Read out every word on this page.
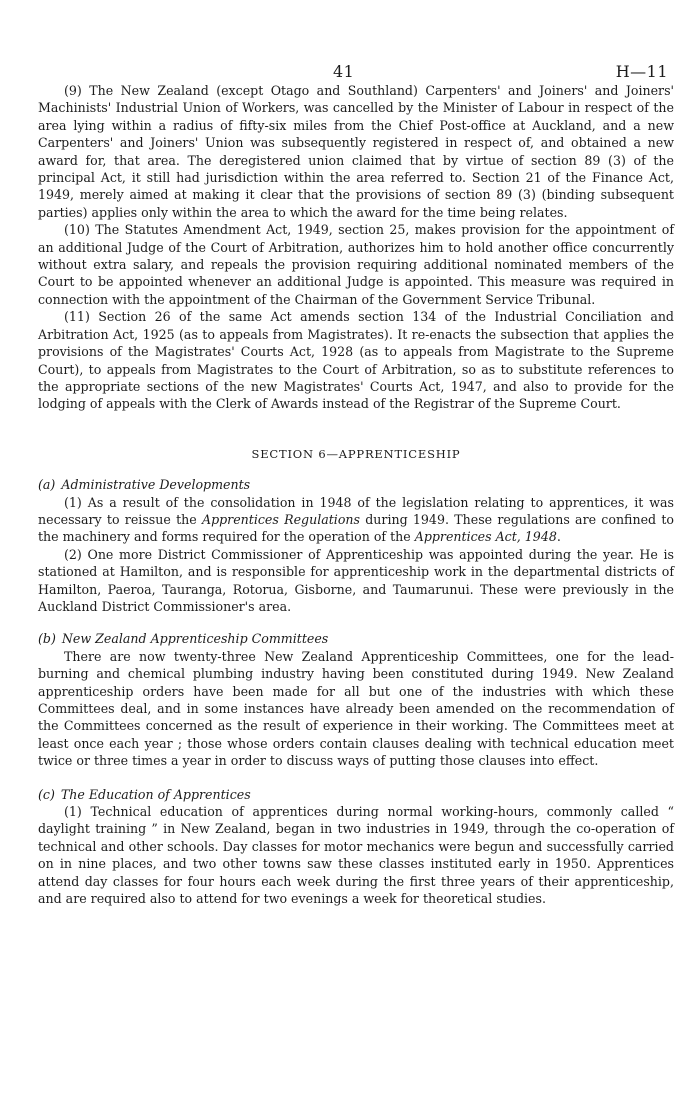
41	H—11

(9) The New Zealand (except Otago and Southland) Carpenters' and Joiners' and Joiners' Machinists' Industrial Union of Workers, was cancelled by the Minister of Labour in respect of the area lying within a radius of fifty-six miles from the Chief Post-office at Auckland, and a new Carpenters' and Joiners' Union was subsequently registered in respect of, and obtained a new award for, that area. The deregistered union claimed that by virtue of section 89 (3) of the principal Act, it still had jurisdiction within the area referred to. Section 21 of the Finance Act, 1949, merely aimed at making it clear that the provisions of section 89 (3) (binding subsequent parties) applies only within the area to which the award for the time being relates.

(10) The Statutes Amendment Act, 1949, section 25, makes provision for the appointment of an additional Judge of the Court of Arbitration, authorizes him to hold another office concurrently without extra salary, and repeals the provision requiring additional nominated members of the Court to be appointed whenever an additional Judge is appointed. This measure was required in connection with the appointment of the Chairman of the Government Service Tribunal.

(11) Section 26 of the same Act amends section 134 of the Industrial Conciliation and Arbitration Act, 1925 (as to appeals from Magistrates). It re-enacts the subsection that applies the provisions of the Magistrates' Courts Act, 1928 (as to appeals from Magistrate to the Supreme Court), to appeals from Magistrates to the Court of Arbitration, so as to substitute references to the appropriate sections of the new Magistrates' Courts Act, 1947, and also to provide for the lodging of appeals with the Clerk of Awards instead of the Registrar of the Supreme Court.

SECTION 6—APPRENTICESHIP

(a) Administrative Developments

(1) As a result of the consolidation in 1948 of the legislation relating to apprentices, it was necessary to reissue the Apprentices Regulations during 1949. These regulations are confined to the machinery and forms required for the operation of the Apprentices Act, 1948.

(2) One more District Commissioner of Apprenticeship was appointed during the year. He is stationed at Hamilton, and is responsible for apprenticeship work in the departmental districts of Hamilton, Paeroa, Tauranga, Rotorua, Gisborne, and Taumarunui. These were previously in the Auckland District Commissioner's area.

(b) New Zealand Apprenticeship Committees

There are now twenty-three New Zealand Apprenticeship Committees, one for the lead-burning and chemical plumbing industry having been constituted during 1949. New Zealand apprenticeship orders have been made for all but one of the industries with which these Committees deal, and in some instances have already been amended on the recommendation of the Committees concerned as the result of experience in their working. The Committees meet at least once each year ; those whose orders contain clauses dealing with technical education meet twice or three times a year in order to discuss ways of putting those clauses into effect.

(c) The Education of Apprentices

(1) Technical education of apprentices during normal working-hours, commonly called “ daylight training ” in New Zealand, began in two industries in 1949, through the co-operation of technical and other schools. Day classes for motor mechanics were begun and successfully carried on in nine places, and two other towns saw these classes instituted early in 1950. Apprentices attend day classes for four hours each week during the first three years of their apprenticeship, and are required also to attend for two evenings a week for theoretical studies.
